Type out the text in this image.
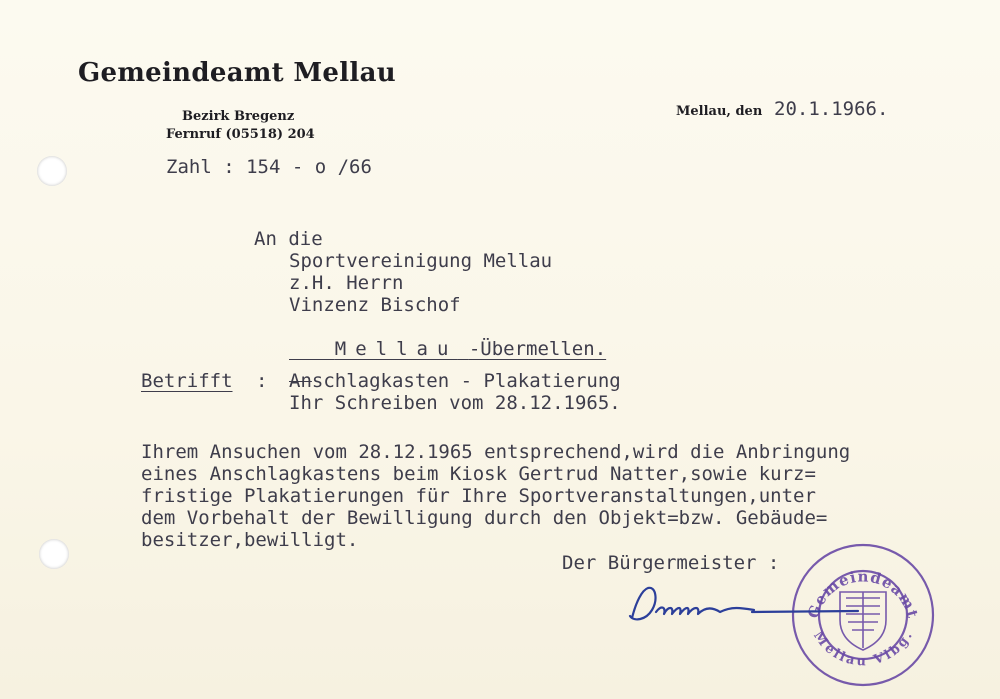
Gemeindeamt Mellau
Bezirk Bregenz
Fernruf (05518) 204
Mellau, den 20.1.1966.
Zahl : 154 - o /66
An die
Sportvereinigung Mellau
z.H. Herrn
Vinzenz Bischof

Mellau -Übermellen.

Betrifft : Anschlagkasten - Plakatierung
Ihr Schreiben vom 28.12.1965.
Ihrem Ansuchen vom 28.12.1965 entsprechend,wird die Anbringung
eines Anschlagkastens beim Kiosk Gertrud Natter,sowie kurz=
fristige Plakatierungen für Ihre Sportveranstaltungen,unter
dem Vorbehalt der Bewilligung durch den Objekt=bzw. Gebäude=
besitzer,bewilligt.
Der Bürgermeister :
Gemeindeamt
Mellau Vlbg.
